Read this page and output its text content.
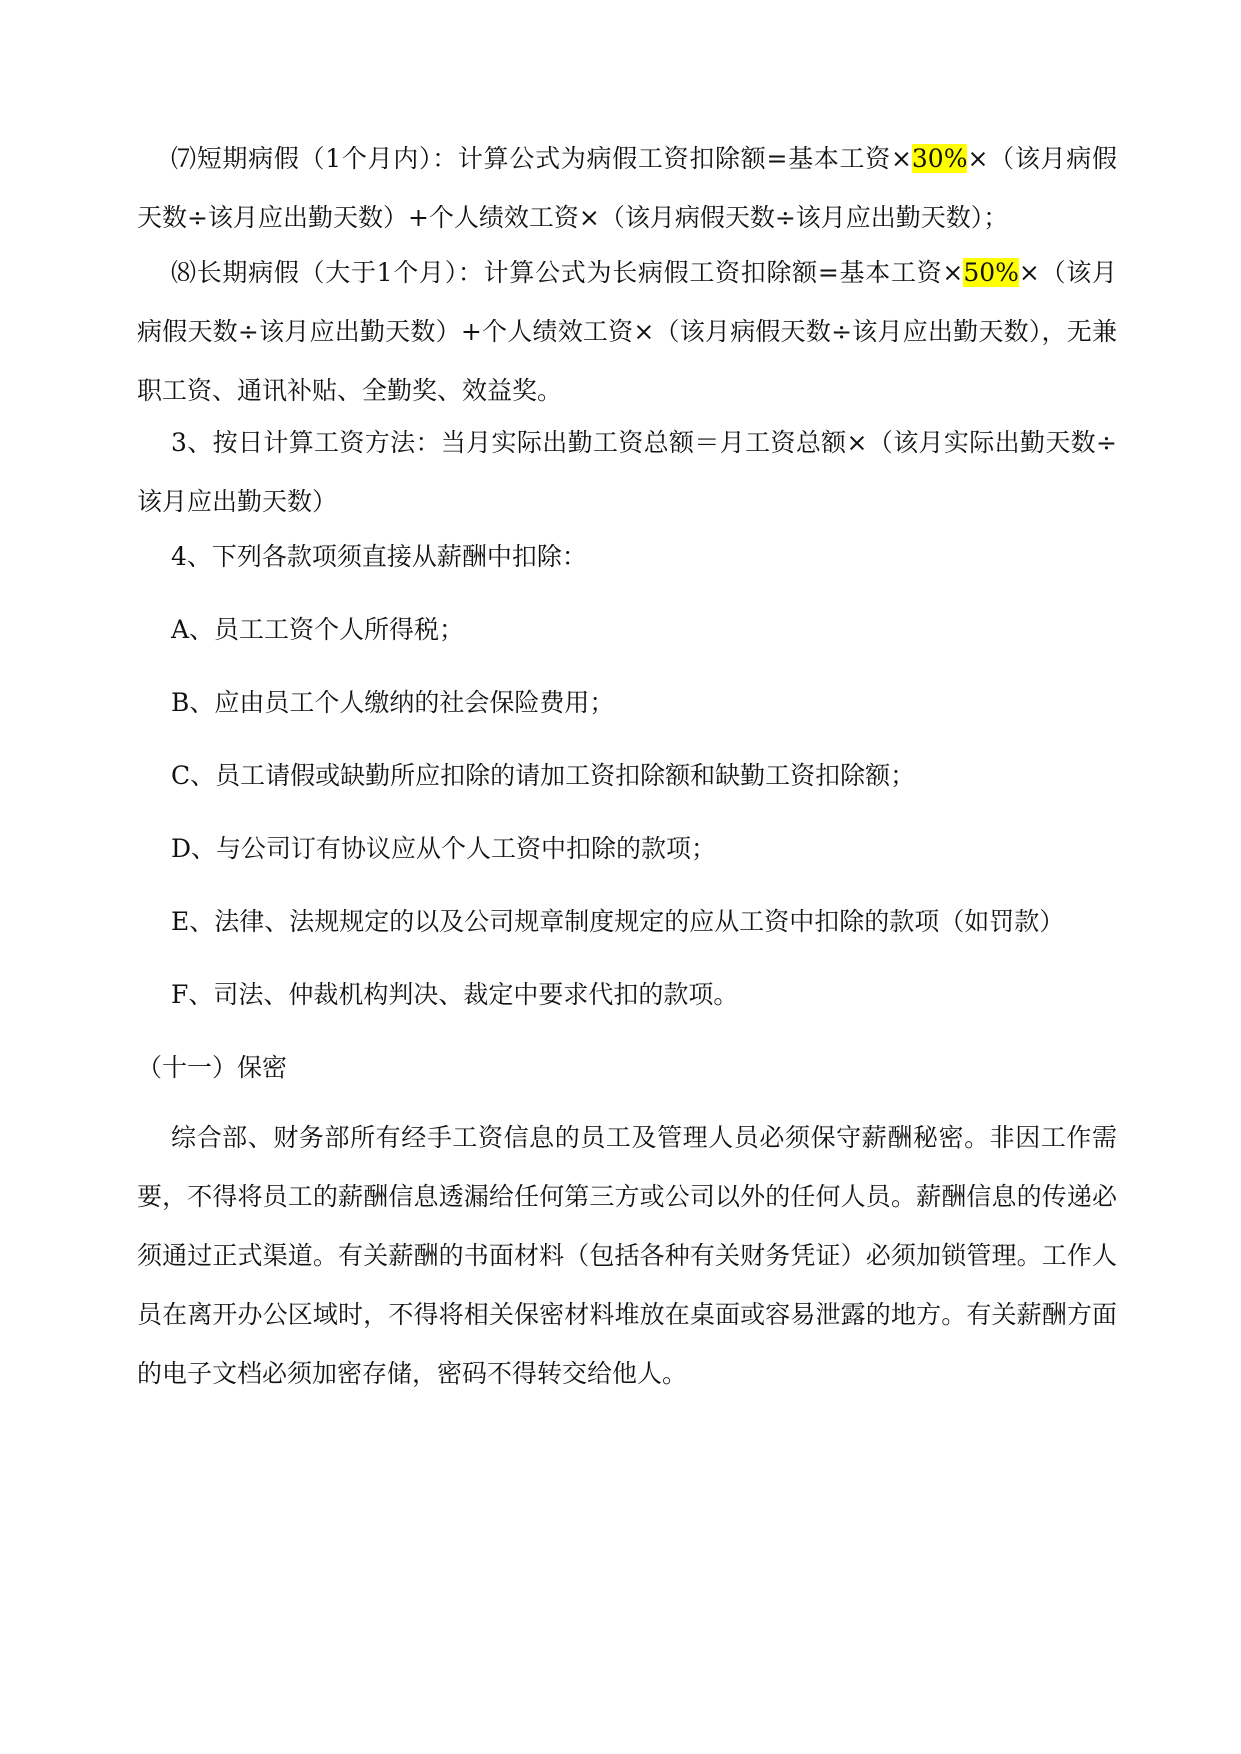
⑺短期病假（1个月内）：计算公式为病假工资扣除额=基本工资×30%×（该月病假天数÷该月应出勤天数）+个人绩效工资×（该月病假天数÷该月应出勤天数）；

⑻长期病假（大于1个月）：计算公式为长病假工资扣除额=基本工资×50%×（该月病假天数÷该月应出勤天数）+个人绩效工资×（该月病假天数÷该月应出勤天数），无兼职工资、通讯补贴、全勤奖、效益奖。

3、按日计算工资方法：当月实际出勤工资总额＝月工资总额×（该月实际出勤天数÷该月应出勤天数）

4、下列各款项须直接从薪酬中扣除：

A、员工工资个人所得税；

B、应由员工个人缴纳的社会保险费用；

C、员工请假或缺勤所应扣除的请加工资扣除额和缺勤工资扣除额；

D、与公司订有协议应从个人工资中扣除的款项；

E、法律、法规规定的以及公司规章制度规定的应从工资中扣除的款项（如罚款）

F、司法、仲裁机构判决、裁定中要求代扣的款项。

（十一）保密

综合部、财务部所有经手工资信息的员工及管理人员必须保守薪酬秘密。非因工作需要，不得将员工的薪酬信息透漏给任何第三方或公司以外的任何人员。薪酬信息的传递必须通过正式渠道。有关薪酬的书面材料（包括各种有关财务凭证）必须加锁管理。工作人员在离开办公区域时，不得将相关保密材料堆放在桌面或容易泄露的地方。有关薪酬方面的电子文档必须加密存储，密码不得转交给他人。
